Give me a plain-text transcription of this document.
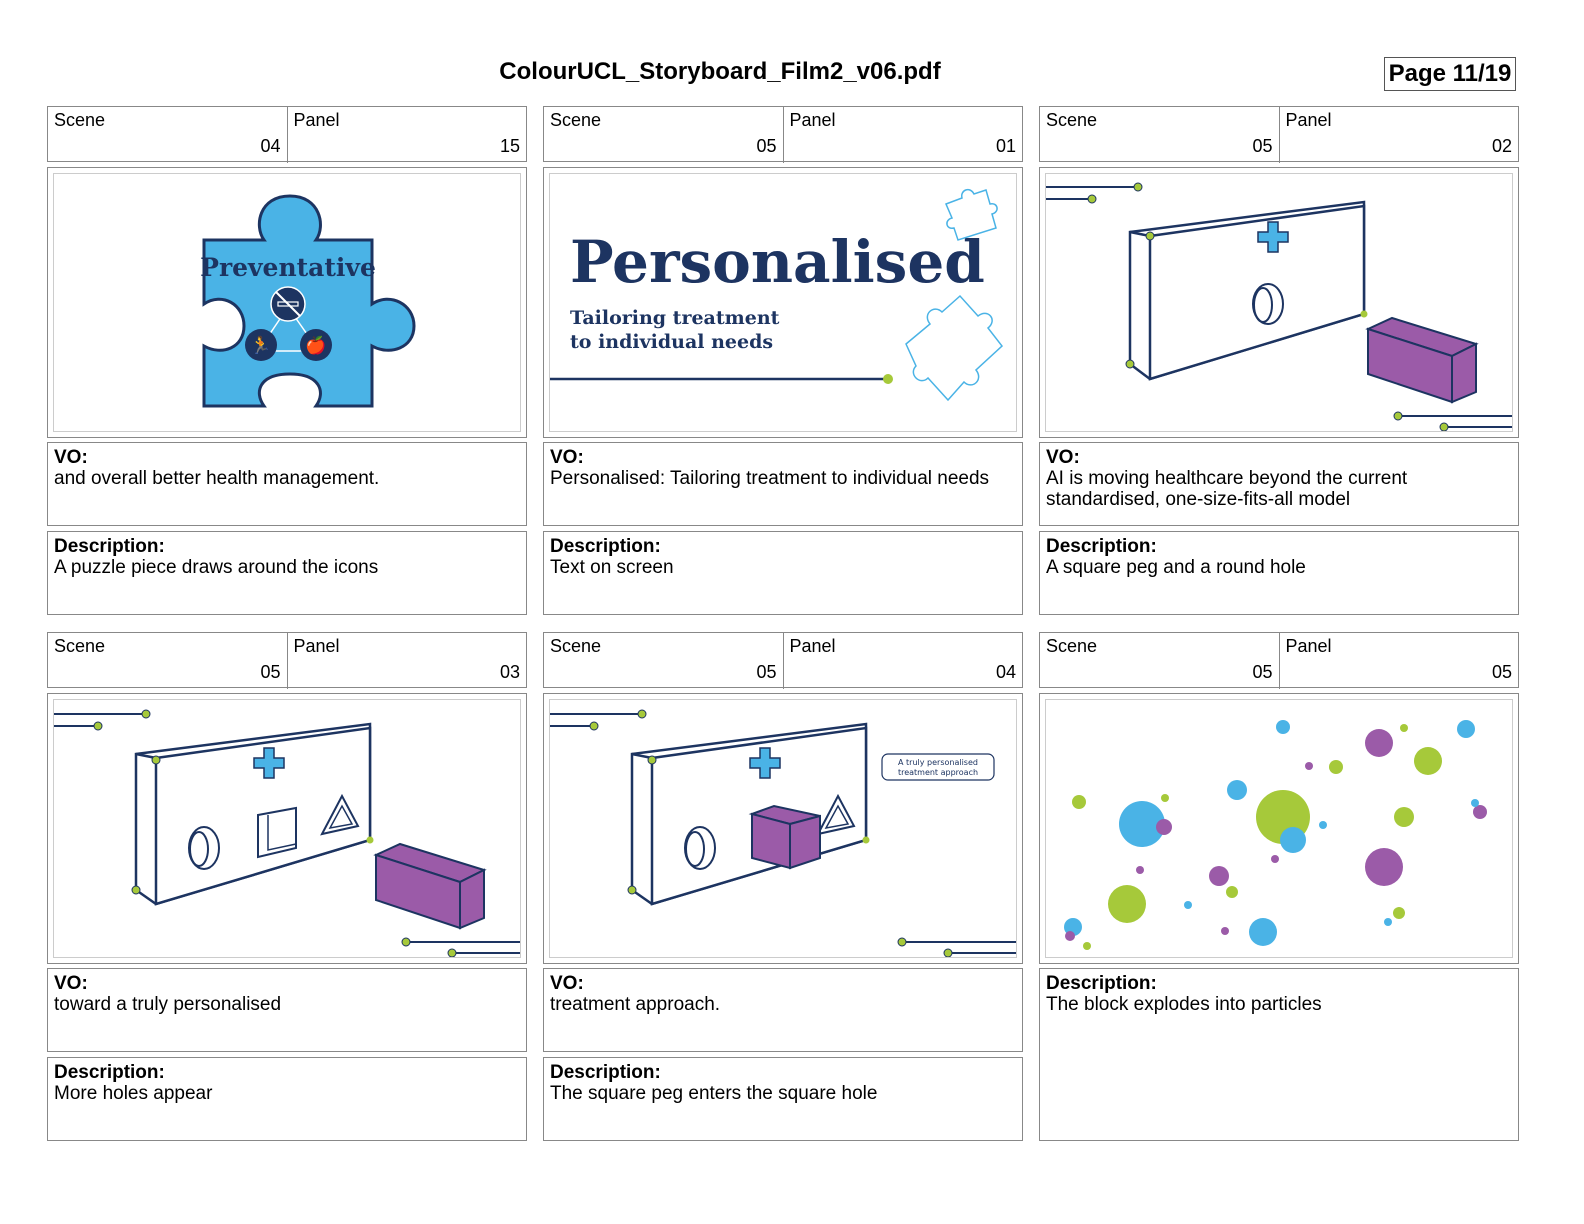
ColourUCL_Storyboard_Film2_v06.pdf	Page 11/19
Scene
04
Panel
15
Preventative
🏃 🍎
VO:
and overall better health management.
Description:
A puzzle piece draws around the icons
Scene
05
Panel
01
Personalised
Tailoring treatment
to individual needs
VO:
Personalised: Tailoring treatment to individual needs
Description:
Text on screen
Scene
05
Panel
02
VO:
AI is moving healthcare beyond the current standardised, one-size-fits-all model
Description:
A square peg and a round hole
Scene
05
Panel
03
VO:
toward a truly personalised
Description:
More holes appear
Scene
05
Panel
04
A truly personalised
treatment approach
VO:
treatment approach.
Description:
The square peg enters the square hole
Scene
05
Panel
05
Description:
The block explodes into particles
